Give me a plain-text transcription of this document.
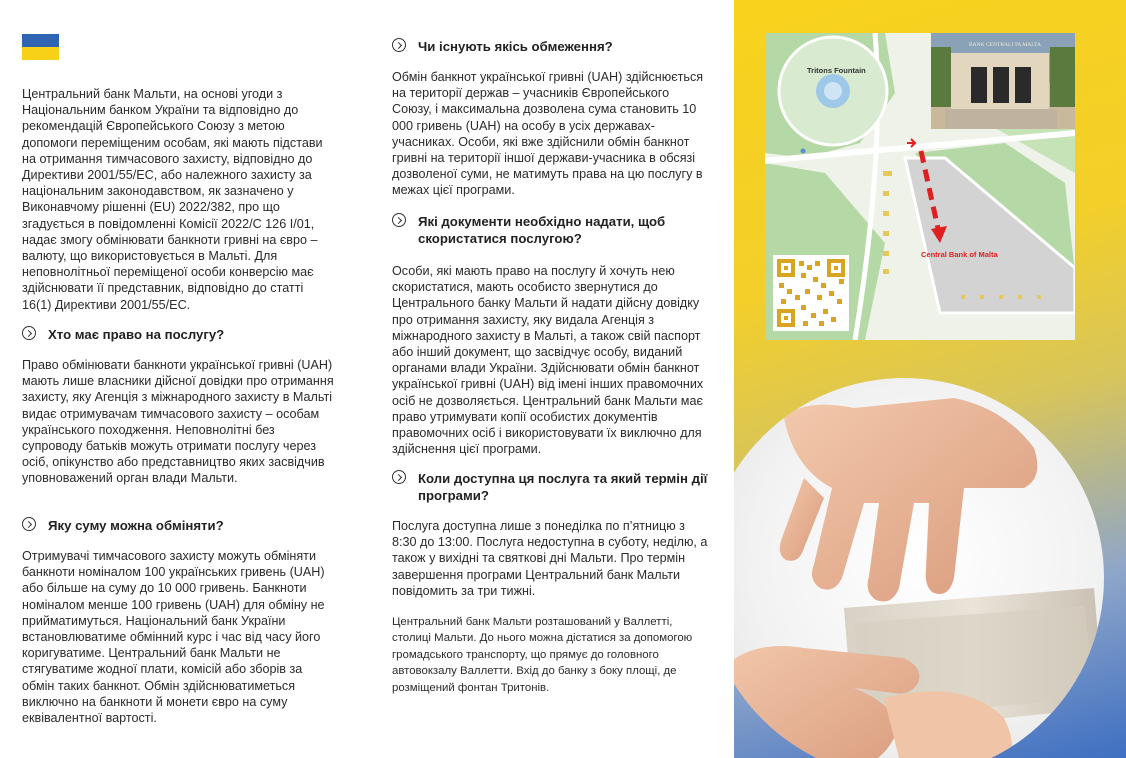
Центральний банк Мальти, на основі угоди з Національним банком України та відповідно до рекомендацій Європейського Союзу з метою допомоги переміщеним особам, які мають підстави на отримання тимчасового захисту, відповідно до Директиви 2001/55/ЕС, або належного захисту за національним законодавством, як зазначено у Виконавчому рішенні (EU) 2022/382, про що згадується в повідомленні Комісії 2022/C 126 I/01, надає змогу обмінювати банкноти гривні на євро – валюту, що використовується в Мальті. Для неповнолітньої переміщеної особи конверсію має здійснювати її представник, відповідно до статті 16(1) Директиви 2001/55/ЕС.

Хто має право на послугу?

Право обмінювати банкноти української гривні (UAH) мають лише власники дійсної довідки про отримання захисту, яку Агенція з міжнародного захисту в Мальті видає отримувачам тимчасового захисту – особам українського походження. Неповнолітні без супроводу батьків можуть отримати послугу через осіб, опікунство або представництво яких засвідчив уповноважений орган влади Мальти.

Яку суму можна обміняти?

Отримувачі тимчасового захисту можуть обміняти банкноти номіналом 100 українських гривень (UAH) або більше на суму до 10 000 гривень. Банкноти номіналом менше 100 гривень (UAH) для обміну не прийматимуться. Національний банк України встановлюватиме обмінний курс і час від часу його коригуватиме. Центральний банк Мальти не стягуватиме жодної плати, комісій або зборів за обмін таких банкнот. Обмін здійснюватиметься виключно на банкноти й монети євро на суму еквівалентної вартості.

Чи існують якісь обмеження?

Обмін банкнот української гривні (UAH) здійснюється на території держав – учасників Європейського Союзу, і максимальна дозволена сума становить 10 000 гривень (UAH) на особу в усіх державах-учасниках. Особи, які вже здійснили обмін банкнот гривні на території іншої держави-учасника в обсязі дозволеної суми, не матимуть права на цю послугу в межах цієї програми.

Які документи необхідно надати, щоб скористатися послугою?

Особи, які мають право на послугу й хочуть нею скористатися, мають особисто звернутися до Центрального банку Мальти й надати дійсну довідку про отримання захисту, яку видала Агенція з міжнародного захисту в Мальті, а також свій паспорт або інший документ, що засвідчує особу, виданий органами влади України. Здійснювати обмін банкнот української гривні (UAH) від імені інших правомочних осіб не дозволяється. Центральний банк Мальти має право утримувати копії особистих документів правомочних осіб і використовувати їх виключно для здійснення цієї програми.

Коли доступна ця послуга та який термін дії програми?

Послуга доступна лише з понеділка по п’ятницю з 8:30 до 13:00. Послуга недоступна в суботу, неділю, а також у вихідні та святкові дні Мальти. Про термін завершення програми Центральний банк Мальти повідомить за три тижні.

Центральний банк Мальти розташований у Валлетті, столиці Мальти. До нього можна дістатися за допомогою громадського транспорту, що прямує до головного автовокзалу Валлетти. Вхід до банку з боку площі, де розміщений фонтан Тритонів.

Tritons Fountain
Central Bank of Malta
BANK CENTRALI TA MALTA
